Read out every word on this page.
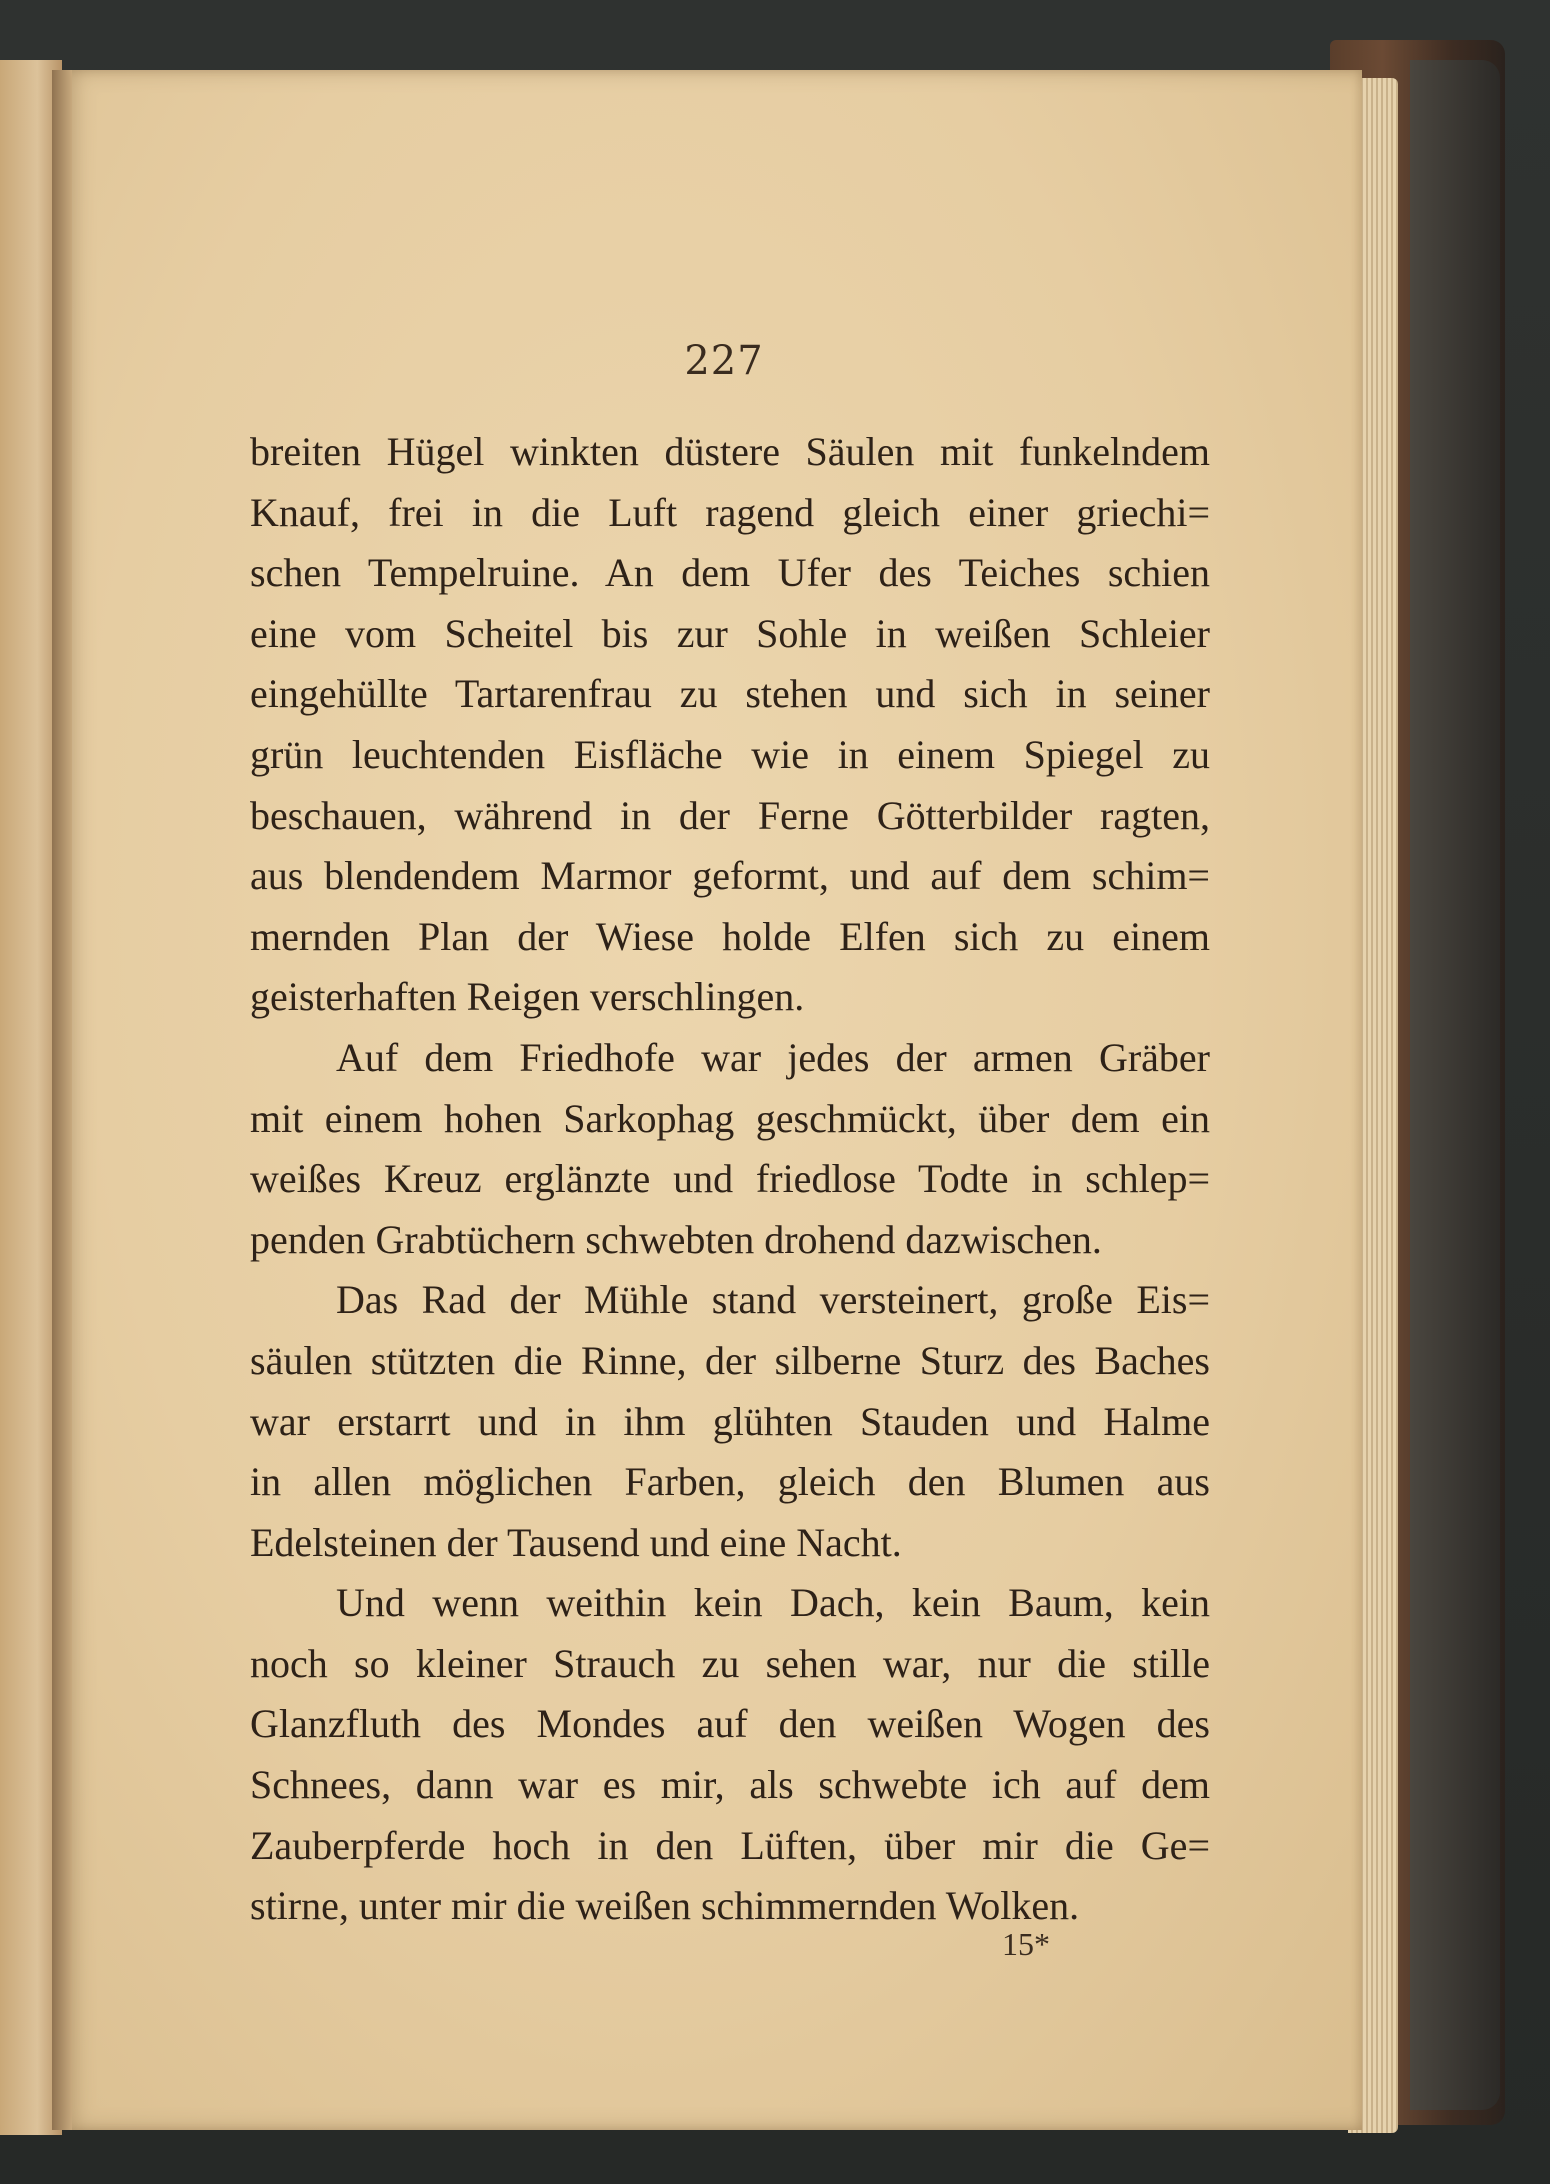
227
breiten Hügel winkten düstere Säulen mit funkelndem
Knauf, frei in die Luft ragend gleich einer griechi=
schen Tempelruine. An dem Ufer des Teiches schien
eine vom Scheitel bis zur Sohle in weißen Schleier
eingehüllte Tartarenfrau zu stehen und sich in seiner
grün leuchtenden Eisfläche wie in einem Spiegel zu
beschauen, während in der Ferne Götterbilder ragten,
aus blendendem Marmor geformt, und auf dem schim=
mernden Plan der Wiese holde Elfen sich zu einem
geisterhaften Reigen verschlingen.
Auf dem Friedhofe war jedes der armen Gräber
mit einem hohen Sarkophag geschmückt, über dem ein
weißes Kreuz erglänzte und friedlose Todte in schlep=
penden Grabtüchern schwebten drohend dazwischen.
Das Rad der Mühle stand versteinert, große Eis=
säulen stützten die Rinne, der silberne Sturz des Baches
war erstarrt und in ihm glühten Stauden und Halme
in allen möglichen Farben, gleich den Blumen aus
Edelsteinen der Tausend und eine Nacht.
Und wenn weithin kein Dach, kein Baum, kein
noch so kleiner Strauch zu sehen war, nur die stille
Glanzfluth des Mondes auf den weißen Wogen des
Schnees, dann war es mir, als schwebte ich auf dem
Zauberpferde hoch in den Lüften, über mir die Ge=
stirne, unter mir die weißen schimmernden Wolken.
15*
